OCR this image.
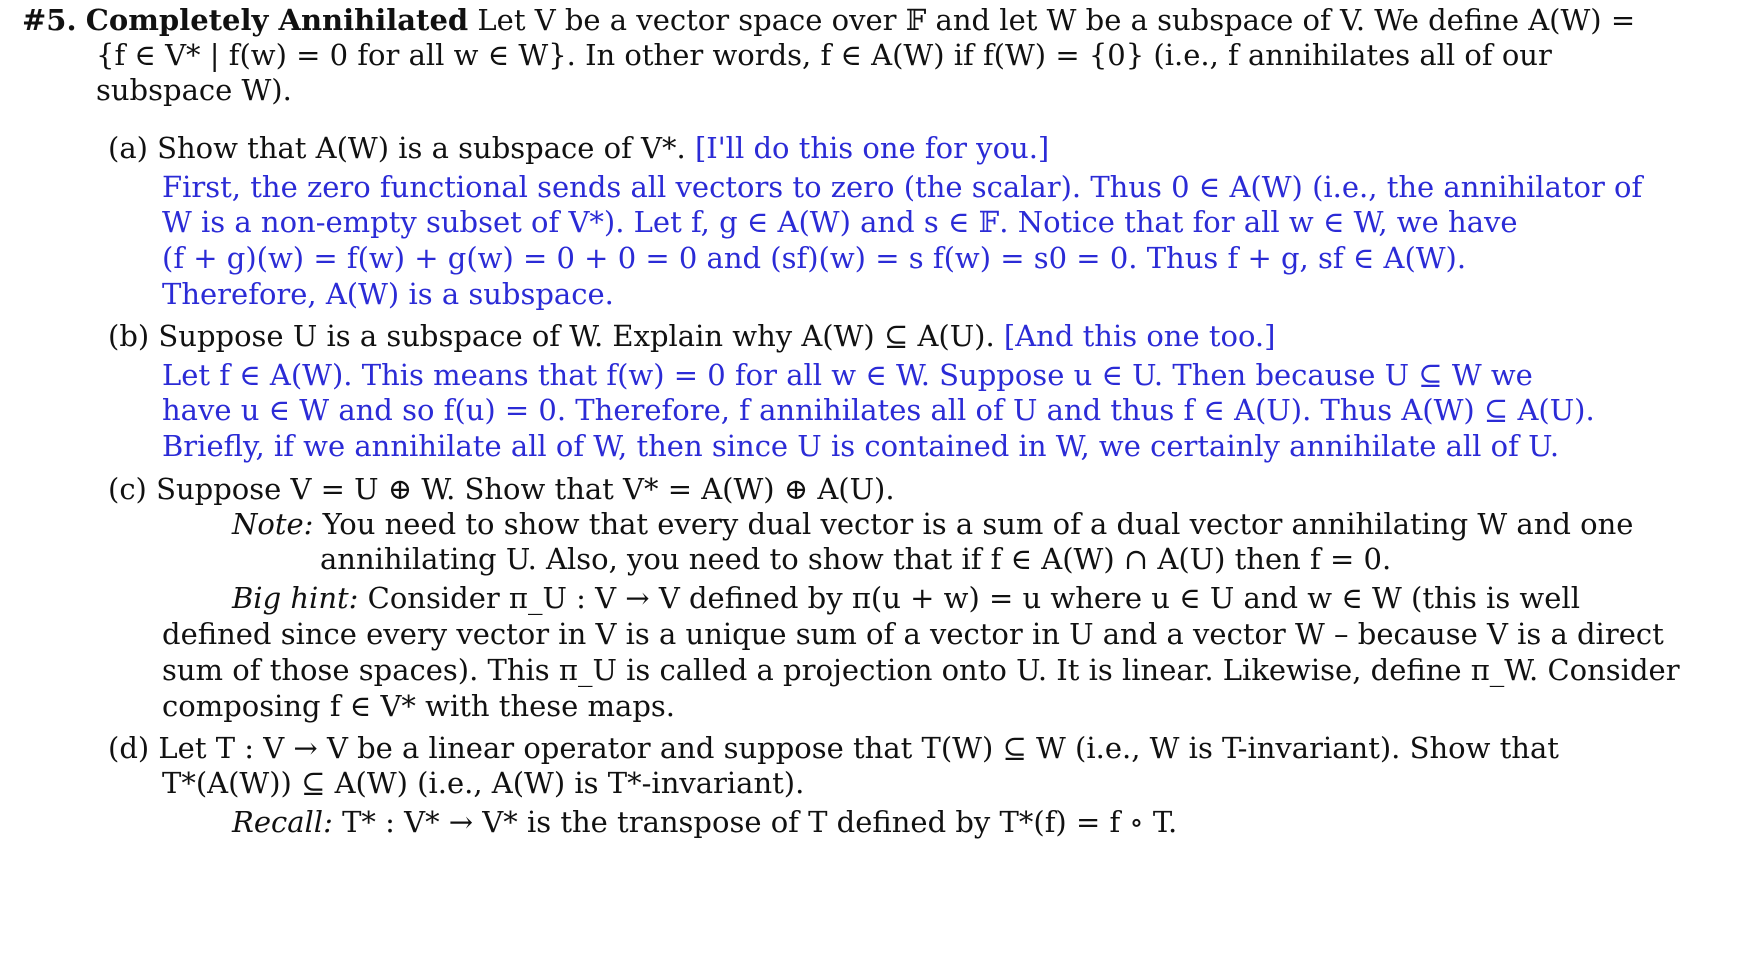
#5. Completely Annihilated Let V be a vector space over 𝔽 and let W be a subspace of V. We define A(W) =
{f ∈ V* | f(w) = 0 for all w ∈ W}. In other words, f ∈ A(W) if f(W) = {0} (i.e., f annihilates all of our
subspace W).
(a) Show that A(W) is a subspace of V*. [I'll do this one for you.]
First, the zero functional sends all vectors to zero (the scalar). Thus 0 ∈ A(W) (i.e., the annihilator of
W is a non-empty subset of V*). Let f, g ∈ A(W) and s ∈ 𝔽. Notice that for all w ∈ W, we have
(f + g)(w) = f(w) + g(w) = 0 + 0 = 0 and (sf)(w) = s f(w) = s0 = 0. Thus f + g, sf ∈ A(W).
Therefore, A(W) is a subspace.
(b) Suppose U is a subspace of W. Explain why A(W) ⊆ A(U). [And this one too.]
Let f ∈ A(W). This means that f(w) = 0 for all w ∈ W. Suppose u ∈ U. Then because U ⊆ W we
have u ∈ W and so f(u) = 0. Therefore, f annihilates all of U and thus f ∈ A(U). Thus A(W) ⊆ A(U).
Briefly, if we annihilate all of W, then since U is contained in W, we certainly annihilate all of U.
(c) Suppose V = U ⊕ W. Show that V* = A(W) ⊕ A(U).
Note: You need to show that every dual vector is a sum of a dual vector annihilating W and one
annihilating U. Also, you need to show that if f ∈ A(W) ∩ A(U) then f = 0.
Big hint: Consider π_U : V → V defined by π(u + w) = u where u ∈ U and w ∈ W (this is well
defined since every vector in V is a unique sum of a vector in U and a vector W – because V is a direct
sum of those spaces). This π_U is called a projection onto U. It is linear. Likewise, define π_W. Consider
composing f ∈ V* with these maps.
(d) Let T : V → V be a linear operator and suppose that T(W) ⊆ W (i.e., W is T-invariant). Show that
T*(A(W)) ⊆ A(W) (i.e., A(W) is T*-invariant).
Recall: T* : V* → V* is the transpose of T defined by T*(f) = f ∘ T.
